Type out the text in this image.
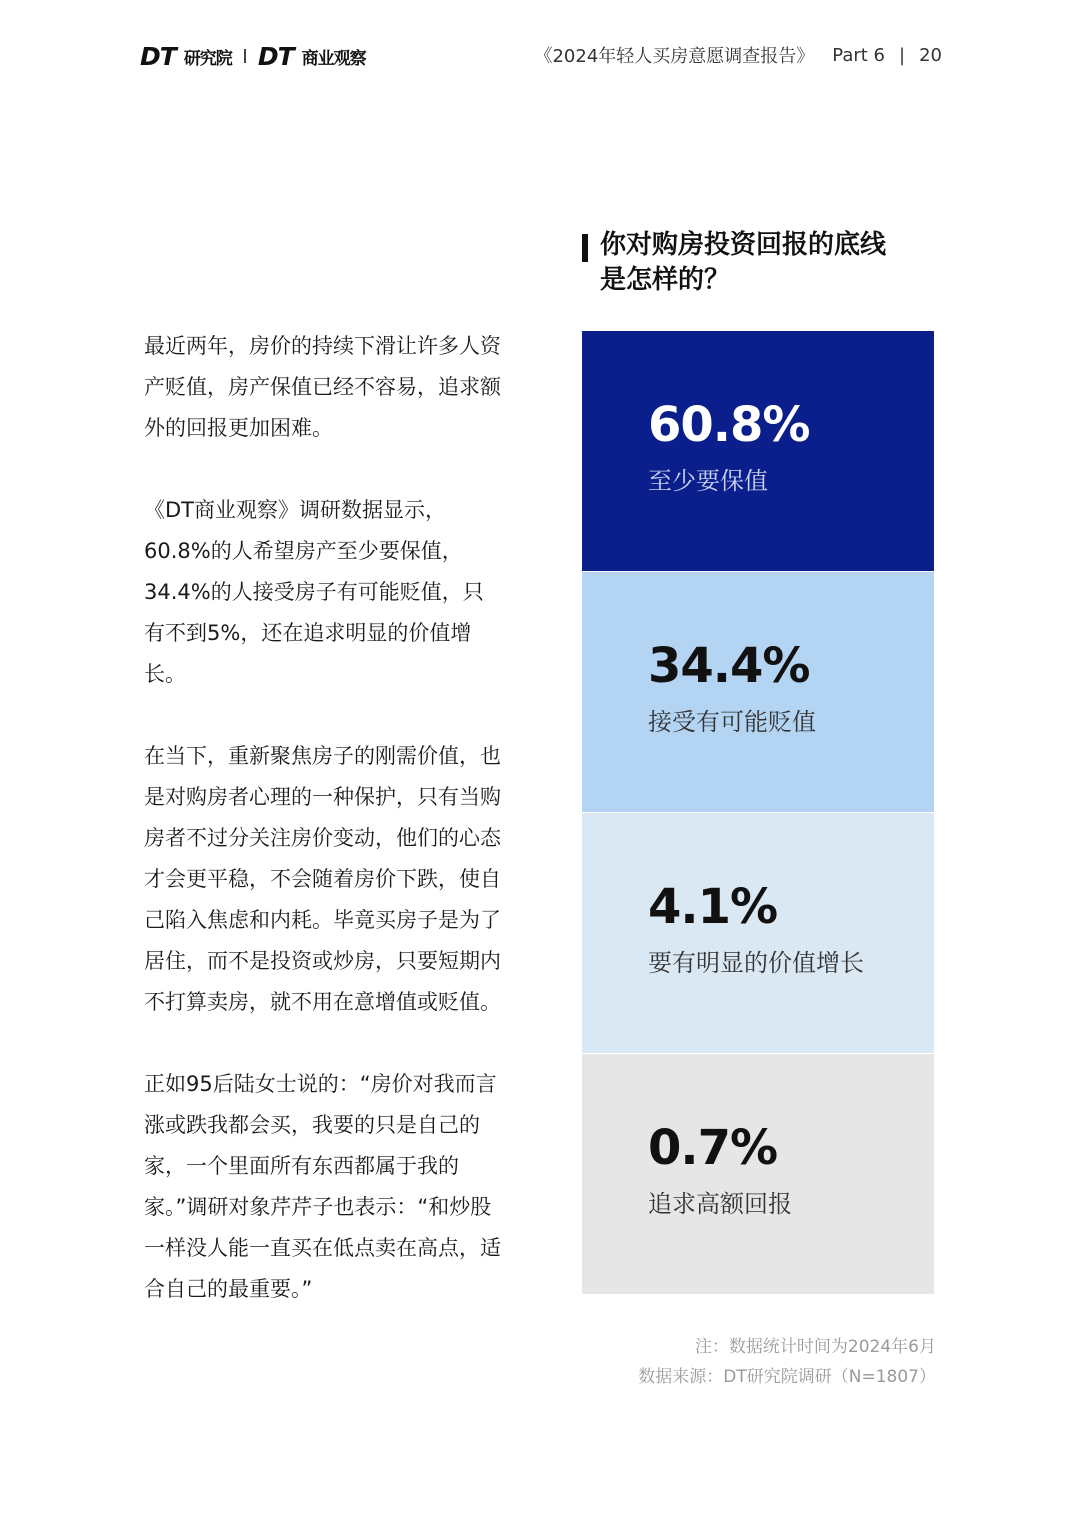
DT 研究院 DT 商业观察	《2024年轻人买房意愿调查报告》 Part 6 | 20

最近两年，房价的持续下滑让许多人资产贬值，房产保值已经不容易，追求额外的回报更加困难。

《DT商业观察》调研数据显示，60.8%的人希望房产至少要保值，34.4%的人接受房子有可能贬值，只有不到5%，还在追求明显的价值增长。

在当下，重新聚焦房子的刚需价值，也是对购房者心理的一种保护，只有当购房者不过分关注房价变动，他们的心态才会更平稳，不会随着房价下跌，使自己陷入焦虑和内耗。毕竟买房子是为了居住，而不是投资或炒房，只要短期内不打算卖房，就不用在意增值或贬值。

正如95后陆女士说的：“房价对我而言涨或跌我都会买，我要的只是自己的家，一个里面所有东西都属于我的家。”调研对象芹芹子也表示：“和炒股一样没人能一直买在低点卖在高点，适合自己的最重要。”

你对购房投资回报的底线是怎样的？
60.8%
至少要保值
34.4%
接受有可能贬值
4.1%
要有明显的价值增长
0.7%
追求高额回报
注：数据统计时间为2024年6月
数据来源：DT研究院调研（N=1807）
